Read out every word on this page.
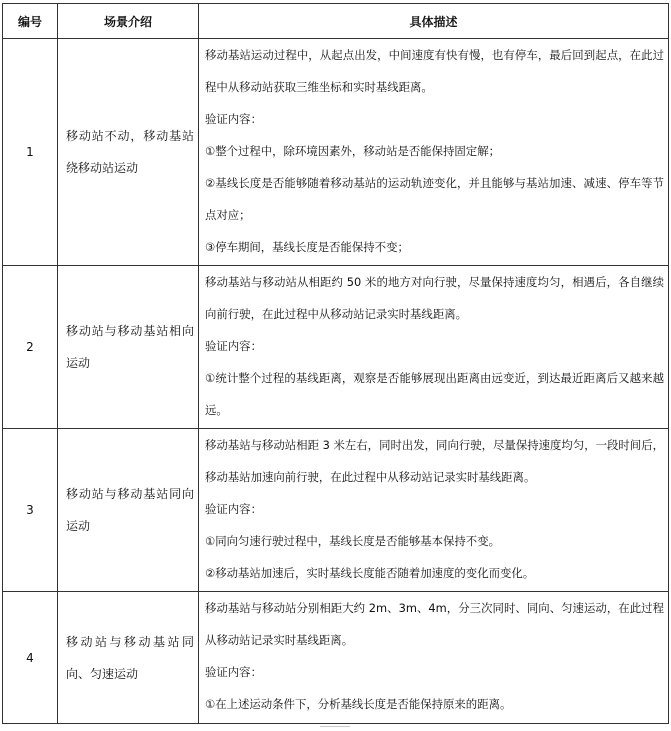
编号	场景介绍	具体描述
1	移动站不动，移动基站绕移动站运动	移动基站运动过程中，从起点出发，中间速度有快有慢，也有停车，最后回到起点，在此过程中从移动站获取三维坐标和实时基线距离。

验证内容：

①整个过程中，除环境因素外，移动站是否能保持固定解；

②基线长度是否能够随着移动基站的运动轨迹变化，并且能够与基站加速、减速、停车等节点对应；

③停车期间，基线长度是否能保持不变；

2	移动站与移动基站相向运动	移动基站与移动站从相距约 50 米的地方对向行驶，尽量保持速度均匀，相遇后，各自继续向前行驶，在此过程中从移动站记录实时基线距离。

验证内容：

①统计整个过程的基线距离，观察是否能够展现出距离由远变近，到达最近距离后又越来越远。

3	移动站与移动基站同向运动	移动基站与移动站相距 3 米左右，同时出发，同向行驶，尽量保持速度均匀，一段时间后，移动基站加速向前行驶，在此过程中从移动站记录实时基线距离。

验证内容：

①同向匀速行驶过程中，基线长度是否能够基本保持不变。

②移动基站加速后，实时基线长度能否随着加速度的变化而变化。

4	移动站与移动基站同向、匀速运动	移动基站与移动站分别相距大约 2m、3m、4m，分三次同时、同向、匀速运动，在此过程从移动站记录实时基线距离。

验证内容：

①在上述运动条件下，分析基线长度是否能保持原来的距离。
